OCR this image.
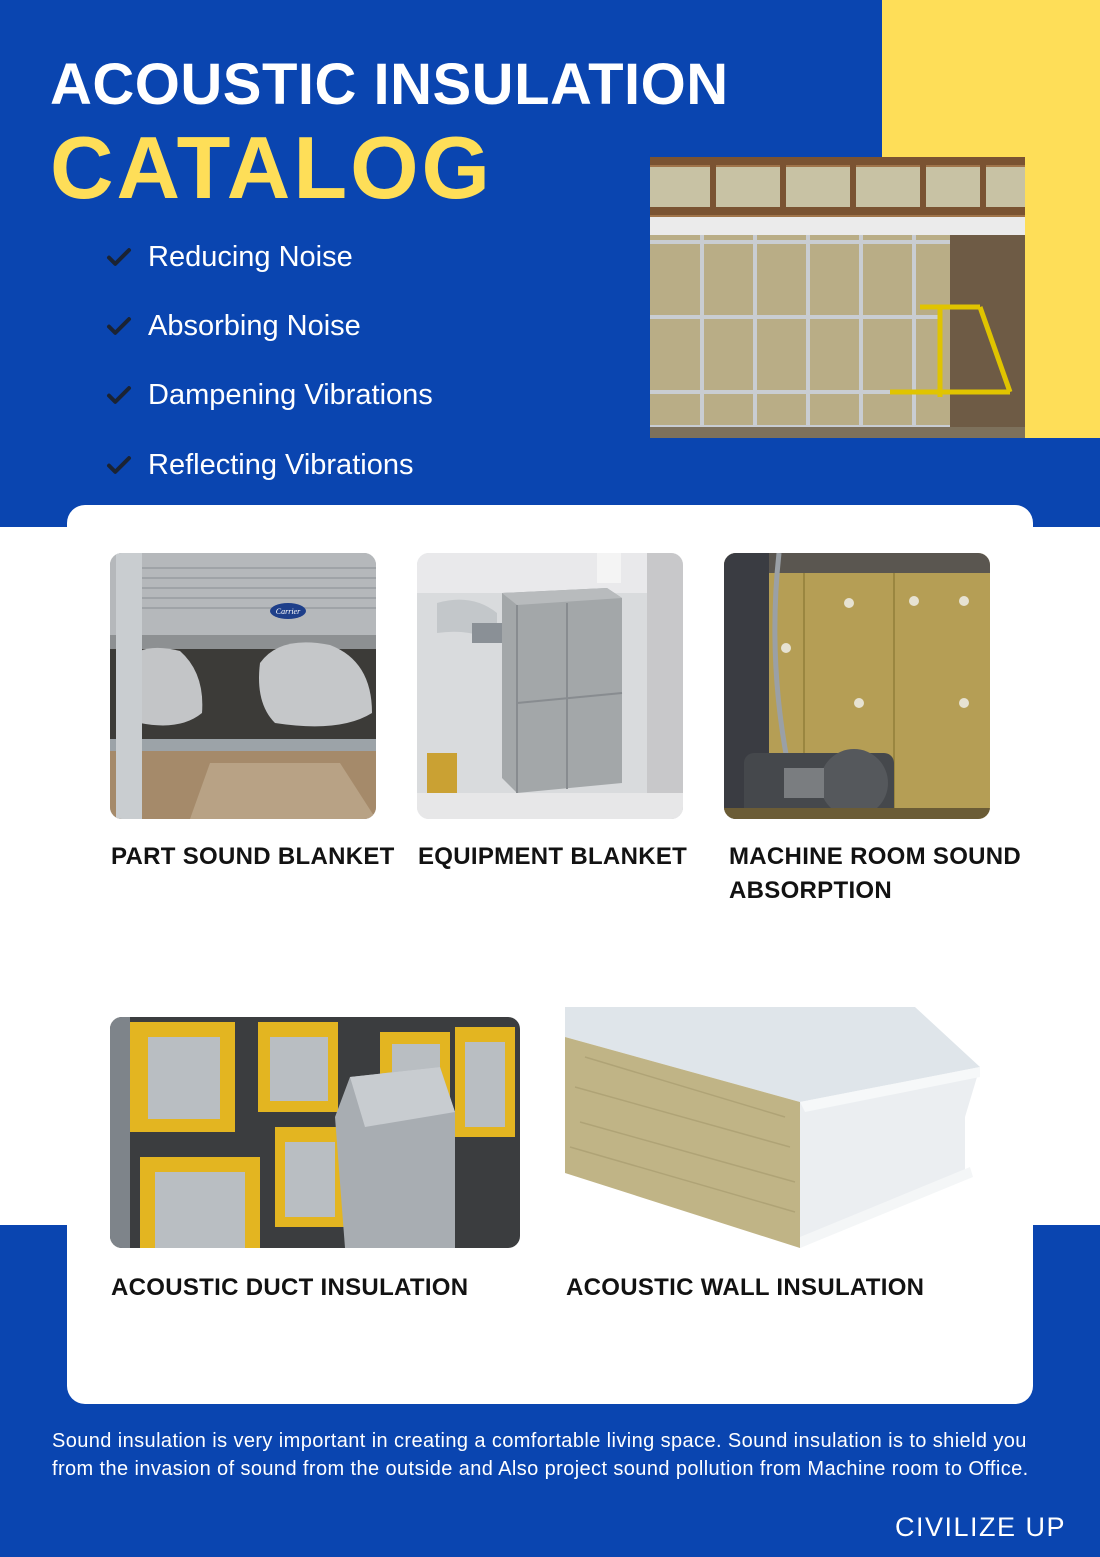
ACOUSTIC INSULATION
CATALOG
Reducing Noise
Absorbing Noise
Dampening Vibrations
Reflecting Vibrations
Carrier

PART SOUND BLANKET EQUIPMENT BLANKET MACHINE ROOM SOUND ABSORPTION

ACOUSTIC DUCT INSULATION	ACOUSTIC WALL INSULATION

Sound insulation is very important in creating a comfortable living space. Sound insulation is to shield you from the invasion of sound from the outside and Also project sound pollution from Machine room to Office.

CIVILIZE UP
